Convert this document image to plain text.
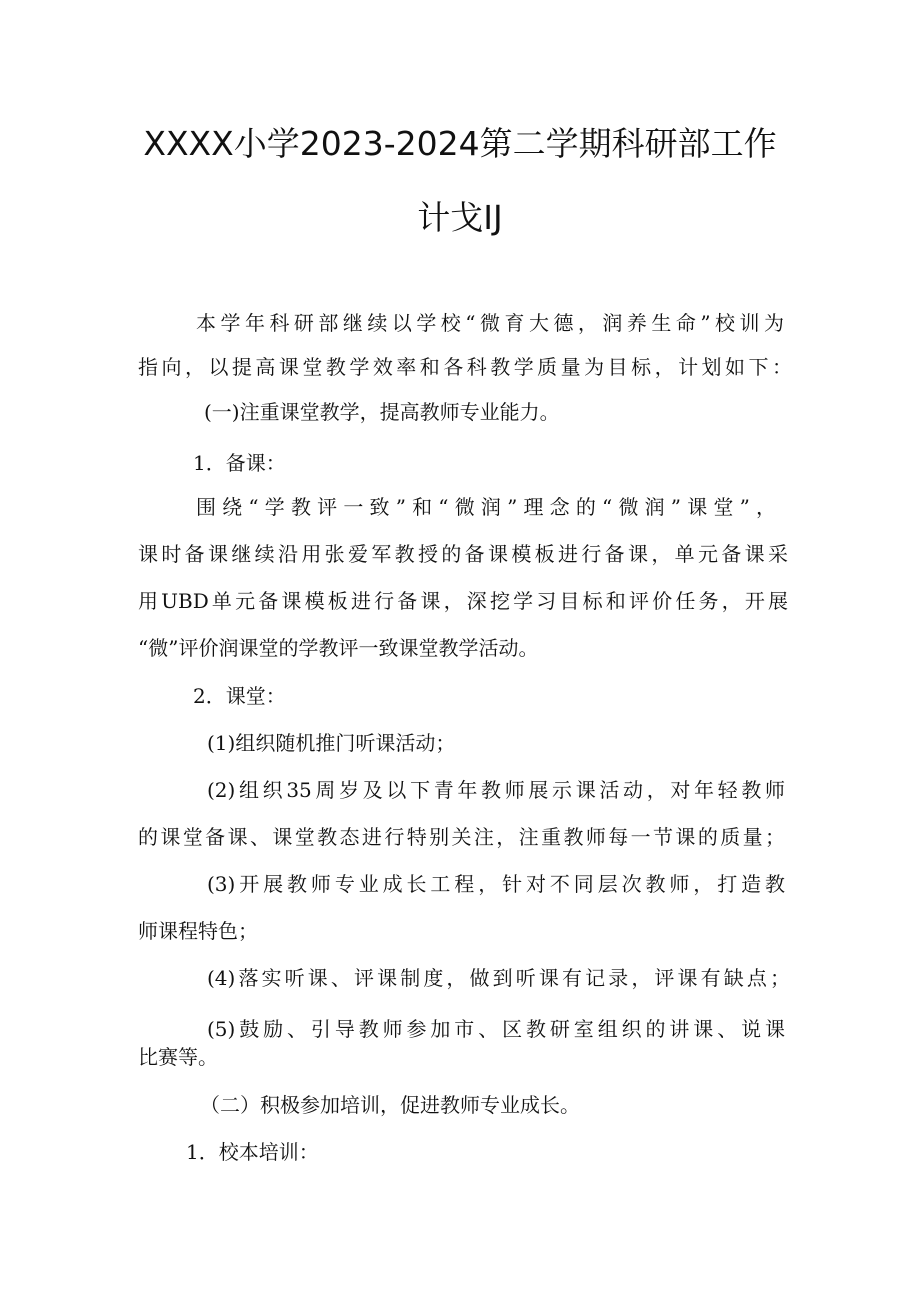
XXXX小学2023-2024第二学期科研部工作
计戈IJ
本学年科研部继续以学校“微育大德，润养生命”校训为
指向，以提高课堂教学效率和各科教学质量为目标，计划如下：
(一)注重课堂教学，提高教师专业能力。
1．备课：
围绕“学教评一致”和“微润”理念的“微润”课堂”，
课时备课继续沿用张爱军教授的备课模板进行备课，单元备课采
用UBD单元备课模板进行备课，深挖学习目标和评价任务，开展
“微”评价润课堂的学教评一致课堂教学活动。
2．课堂：
(1)组织随机推门听课活动；
(2)组织35周岁及以下青年教师展示课活动，对年轻教师
的课堂备课、课堂教态进行特别关注，注重教师每一节课的质量；
(3)开展教师专业成长工程，针对不同层次教师，打造教
师课程特色；
(4)落实听课、评课制度，做到听课有记录，评课有缺点；
(5)鼓励、引导教师参加市、区教研室组织的讲课、说课
比赛等。
（二）积极参加培训，促进教师专业成长。
1．校本培训：
